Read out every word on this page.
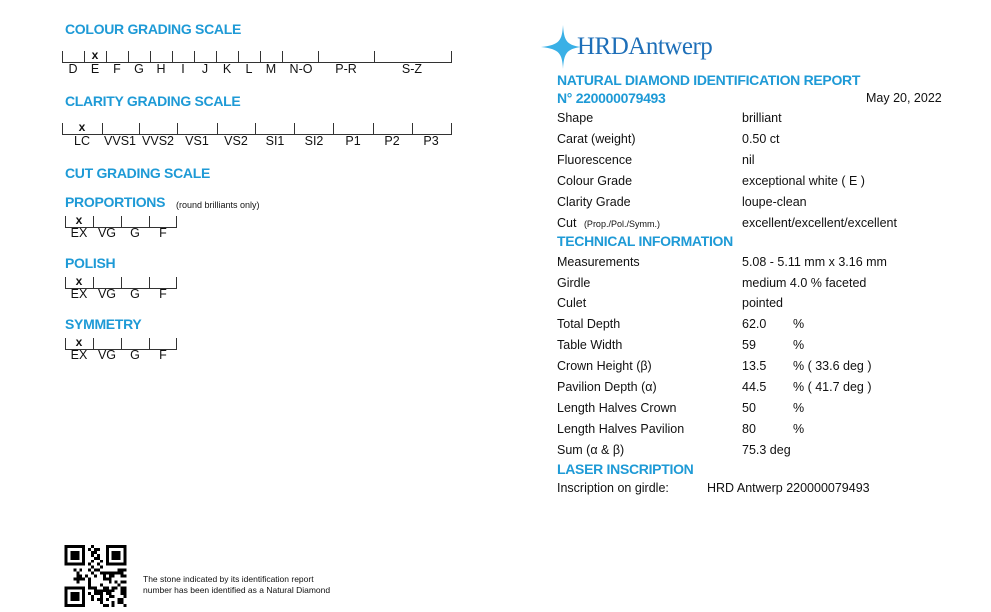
COLOUR GRADING SCALE
x
CLARITY GRADING SCALE
x
CUT GRADING SCALE
PROPORTIONS (round brilliants only)
x
POLISH
x
SYMMETRY
x
The stone indicated by its identification report
number has been identified as a Natural Diamond
HRDAntwerp
NATURAL DIAMOND IDENTIFICATION REPORT
N° 220000079493	May 20, 2022
Shape	brilliant
Carat (weight)	0.50 ct
Fluorescence	nil
Colour Grade	exceptional white ( E )
Clarity Grade	loupe-clean
Cut (Prop./Pol./Symm.)	excellent/excellent/excellent
TECHNICAL INFORMATION
Measurements	5.08 - 5.11 mm x 3.16 mm
Girdle	medium 4.0 % faceted
Culet	pointed
Total Depth	62.0 %
Table Width	59	%
Crown Height (β)	13.5 % ( 33.6 deg )
Pavilion Depth (α)	44.5 % ( 41.7 deg )
Length Halves Crown	50	%
Length Halves Pavilion	80	%
Sum (α & β)	75.3 deg
LASER INSCRIPTION
Inscription on girdle:	HRD Antwerp 220000079493
D E F G H I J K L M N-O P-R	S-Z
LC VVS1 VVS2 VS1 VS2 SI1 SI2 P1 P2 P3
EX VG G F
EX VG G F
EX VG G F
